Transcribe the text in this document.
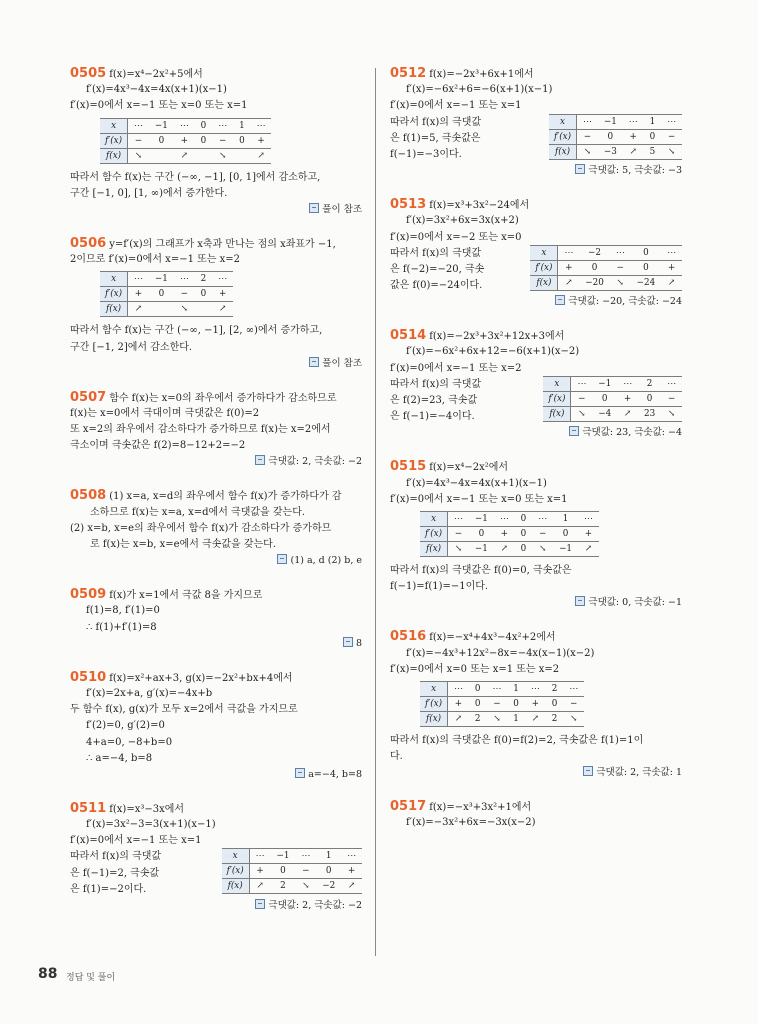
0505 f(x)=x⁴−2x²+5에서
f′(x)=4x³−4x=4x(x+1)(x−1)
f′(x)=0에서 x=−1 또는 x=0 또는 x=1
x	⋯	−1	⋯	0	⋯	1	⋯
f′(x)	−	0	+	0	−	0	+
f(x)	↘		↗		↘		↗
따라서 함수 f(x)는 구간 (−∞, −1], [0, 1]에서 감소하고,
구간 [−1, 0], [1, ∞)에서 증가한다.
풀이 참조
0506 y=f′(x)의 그래프가 x축과 만나는 점의 x좌표가 −1,
2이므로 f′(x)=0에서 x=−1 또는 x=2
x	⋯	−1	⋯	2	⋯
f′(x)	+	0	−	0	+
f(x)	↗		↘		↗
따라서 함수 f(x)는 구간 (−∞, −1], [2, ∞)에서 증가하고,
구간 [−1, 2]에서 감소한다.
풀이 참조
0507 함수 f(x)는 x=0의 좌우에서 증가하다가 감소하므로
f(x)는 x=0에서 극대이며 극댓값은 f(0)=2
또 x=2의 좌우에서 감소하다가 증가하므로 f(x)는 x=2에서
극소이며 극솟값은 f(2)=8−12+2=−2
극댓값: 2, 극솟값: −2
0508 (1) x=a, x=d의 좌우에서 함수 f(x)가 증가하다가 감
소하므로 f(x)는 x=a, x=d에서 극댓값을 갖는다.
(2) x=b, x=e의 좌우에서 함수 f(x)가 감소하다가 증가하므
로 f(x)는 x=b, x=e에서 극솟값을 갖는다.
(1) a, d (2) b, e
0509 f(x)가 x=1에서 극값 8을 가지므로
f(1)=8, f′(1)=0
∴ f(1)+f′(1)=8
8
0510 f(x)=x²+ax+3, g(x)=−2x²+bx+4에서
f′(x)=2x+a, g′(x)=−4x+b
두 함수 f(x), g(x)가 모두 x=2에서 극값을 가지므로
f′(2)=0, g′(2)=0
4+a=0, −8+b=0
∴ a=−4, b=8
a=−4, b=8
0511 f(x)=x³−3x에서
f′(x)=3x²−3=3(x+1)(x−1)
f′(x)=0에서 x=−1 또는 x=1
따라서 f(x)의 극댓값
은 f(−1)=2, 극솟값
은 f(1)=−2이다.
x	⋯	−1	⋯	1	⋯
f′(x)	+	0	−	0	+
f(x)	↗	2	↘	−2	↗
극댓값: 2, 극솟값: −2
0512 f(x)=−2x³+6x+1에서
f′(x)=−6x²+6=−6(x+1)(x−1)
f′(x)=0에서 x=−1 또는 x=1
따라서 f(x)의 극댓값
은 f(1)=5, 극솟값은
f(−1)=−3이다.
x	⋯	−1	⋯	1	⋯
f′(x)	−	0	+	0	−
f(x)	↘	−3	↗	5	↘
극댓값: 5, 극솟값: −3
0513 f(x)=x³+3x²−24에서
f′(x)=3x²+6x=3x(x+2)
f′(x)=0에서 x=−2 또는 x=0
따라서 f(x)의 극댓값
은 f(−2)=−20, 극솟
값은 f(0)=−24이다.
x	⋯	−2	⋯	0	⋯
f′(x)	+	0	−	0	+
f(x)	↗	−20	↘	−24	↗
극댓값: −20, 극솟값: −24
0514 f(x)=−2x³+3x²+12x+3에서
f′(x)=−6x²+6x+12=−6(x+1)(x−2)
f′(x)=0에서 x=−1 또는 x=2
따라서 f(x)의 극댓값
은 f(2)=23, 극솟값
은 f(−1)=−4이다.
x	⋯	−1	⋯	2	⋯
f′(x)	−	0	+	0	−
f(x)	↘	−4	↗	23	↘
극댓값: 23, 극솟값: −4
0515 f(x)=x⁴−2x²에서
f′(x)=4x³−4x=4x(x+1)(x−1)
f′(x)=0에서 x=−1 또는 x=0 또는 x=1
x	⋯	−1	⋯	0	⋯	1	⋯
f′(x)	−	0	+	0	−	0	+
f(x)	↘	−1	↗	0	↘	−1	↗
따라서 f(x)의 극댓값은 f(0)=0, 극솟값은
f(−1)=f(1)=−1이다.
극댓값: 0, 극솟값: −1
0516 f(x)=−x⁴+4x³−4x²+2에서
f′(x)=−4x³+12x²−8x=−4x(x−1)(x−2)
f′(x)=0에서 x=0 또는 x=1 또는 x=2
x	⋯	0	⋯	1	⋯	2	⋯
f′(x)	+	0	−	0	+	0	−
f(x)	↗	2	↘	1	↗	2	↘
따라서 f(x)의 극댓값은 f(0)=f(2)=2, 극솟값은 f(1)=1이
다.
극댓값: 2, 극솟값: 1
0517 f(x)=−x³+3x²+1에서
f′(x)=−3x²+6x=−3x(x−2)
88 정답 및 풀이
